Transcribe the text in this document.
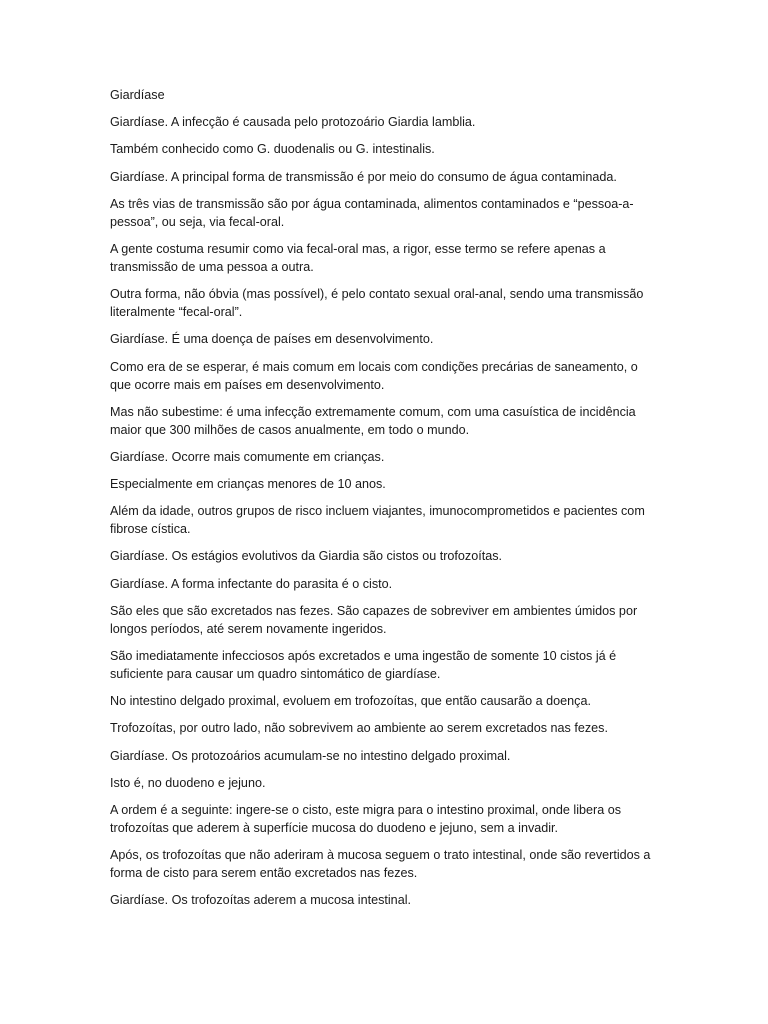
Giardíase

Giardíase. A infecção é causada pelo protozoário Giardia lamblia.

Também conhecido como G. duodenalis ou G. intestinalis.

Giardíase. A principal forma de transmissão é por meio do consumo de água contaminada.

As três vias de transmissão são por água contaminada, alimentos contaminados e “pessoa-a-pessoa”, ou seja, via fecal-oral.

A gente costuma resumir como via fecal-oral mas, a rigor, esse termo se refere apenas a transmissão de uma pessoa a outra.

Outra forma, não óbvia (mas possível), é pelo contato sexual oral-anal, sendo uma transmissão literalmente “fecal-oral”.

Giardíase. É uma doença de países em desenvolvimento.

Como era de se esperar, é mais comum em locais com condições precárias de saneamento, o que ocorre mais em países em desenvolvimento.

Mas não subestime: é uma infecção extremamente comum, com uma casuística de incidência maior que 300 milhões de casos anualmente, em todo o mundo.

Giardíase. Ocorre mais comumente em crianças.

Especialmente em crianças menores de 10 anos.

Além da idade, outros grupos de risco incluem viajantes, imunocomprometidos e pacientes com fibrose cística.

Giardíase. Os estágios evolutivos da Giardia são cistos ou trofozoítas.

Giardíase. A forma infectante do parasita é o cisto.

São eles que são excretados nas fezes. São capazes de sobreviver em ambientes úmidos por longos períodos, até serem novamente ingeridos.

São imediatamente infecciosos após excretados e uma ingestão de somente 10 cistos já é suficiente para causar um quadro sintomático de giardíase.

No intestino delgado proximal, evoluem em trofozoítas, que então causarão a doença.

Trofozoítas, por outro lado, não sobrevivem ao ambiente ao serem excretados nas fezes.

Giardíase. Os protozoários acumulam-se no intestino delgado proximal.

Isto é, no duodeno e jejuno.

A ordem é a seguinte: ingere-se o cisto, este migra para o intestino proximal, onde libera os trofozoítas que aderem à superfície mucosa do duodeno e jejuno, sem a invadir.

Após, os trofozoítas que não aderiram à mucosa seguem o trato intestinal, onde são revertidos a forma de cisto para serem então excretados nas fezes.

Giardíase. Os trofozoítas aderem a mucosa intestinal.
